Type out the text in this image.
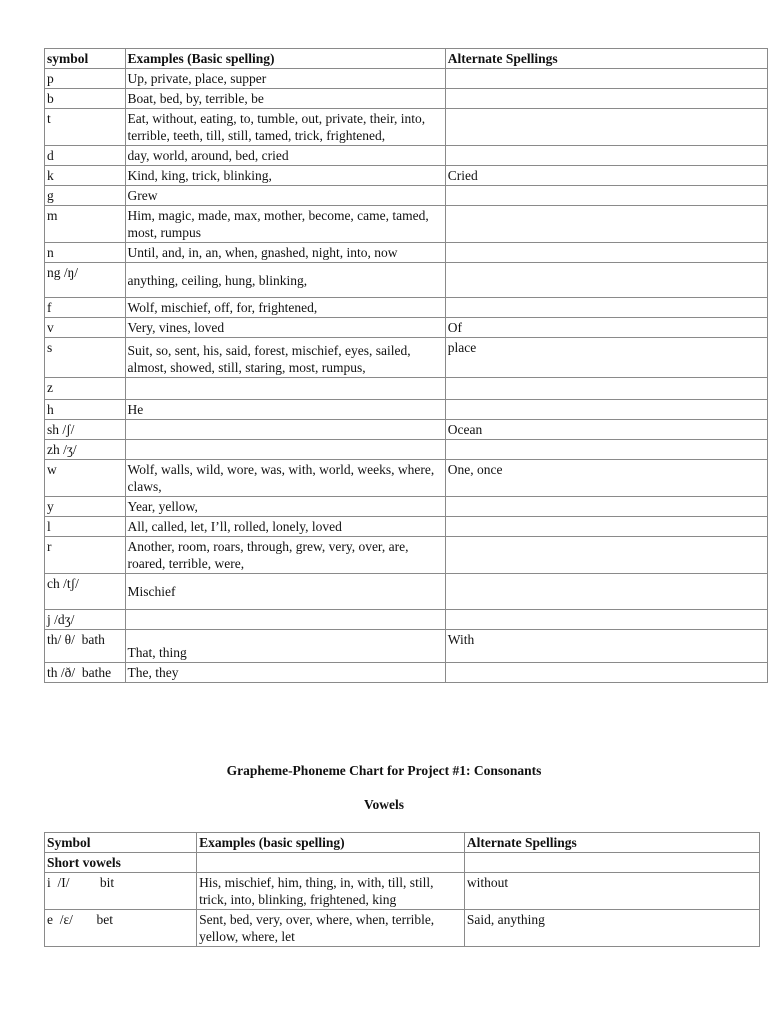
symbol	Examples (Basic spelling)	Alternate Spellings
p	Up, private, place, supper	
b	Boat, bed, by, terrible, be	
t	Eat, without, eating, to, tumble, out, private, their, into, terrible, teeth, till, still, tamed, trick, frightened,	
d	day, world, around, bed, cried	
k	Kind, king, trick, blinking,	Cried
g	Grew	
m	Him, magic, made, max, mother, become, came, tamed, most, rumpus	
n	Until, and, in, an, when, gnashed, night, into, now	
ng /ŋ/	anything, ceiling, hung, blinking,	
f	Wolf, mischief, off, for, frightened,	
v	Very, vines, loved	Of
s	Suit, so, sent, his, said, forest, mischief, eyes, sailed, almost, showed, still, staring, most, rumpus,	place
z		
h	He	
sh /ʃ/		Ocean
zh /ʒ/		
w	Wolf, walls, wild, wore, was, with, world, weeks, where, claws,	One, once
y	Year, yellow,	
l	All, called, let, I’ll, rolled, lonely, loved	
r	Another, room, roars, through, grew, very, over, are, roared, terrible, were,	
ch /tʃ/	Mischief	
j /dʒ/		
th/ θ/  bath	That, thing	With
th /ð/  bathe	The, they	
Grapheme-Phoneme Chart for Project #1: Consonants
Vowels
Symbol	Examples (basic spelling)	Alternate Spellings
Short vowels		
i  /I/         bit	His, mischief, him, thing, in, with, till, still, trick, into, blinking, frightened, king	without
e  /ɛ/       bet	Sent, bed, very, over, where, when, terrible, yellow, where, let	Said, anything
